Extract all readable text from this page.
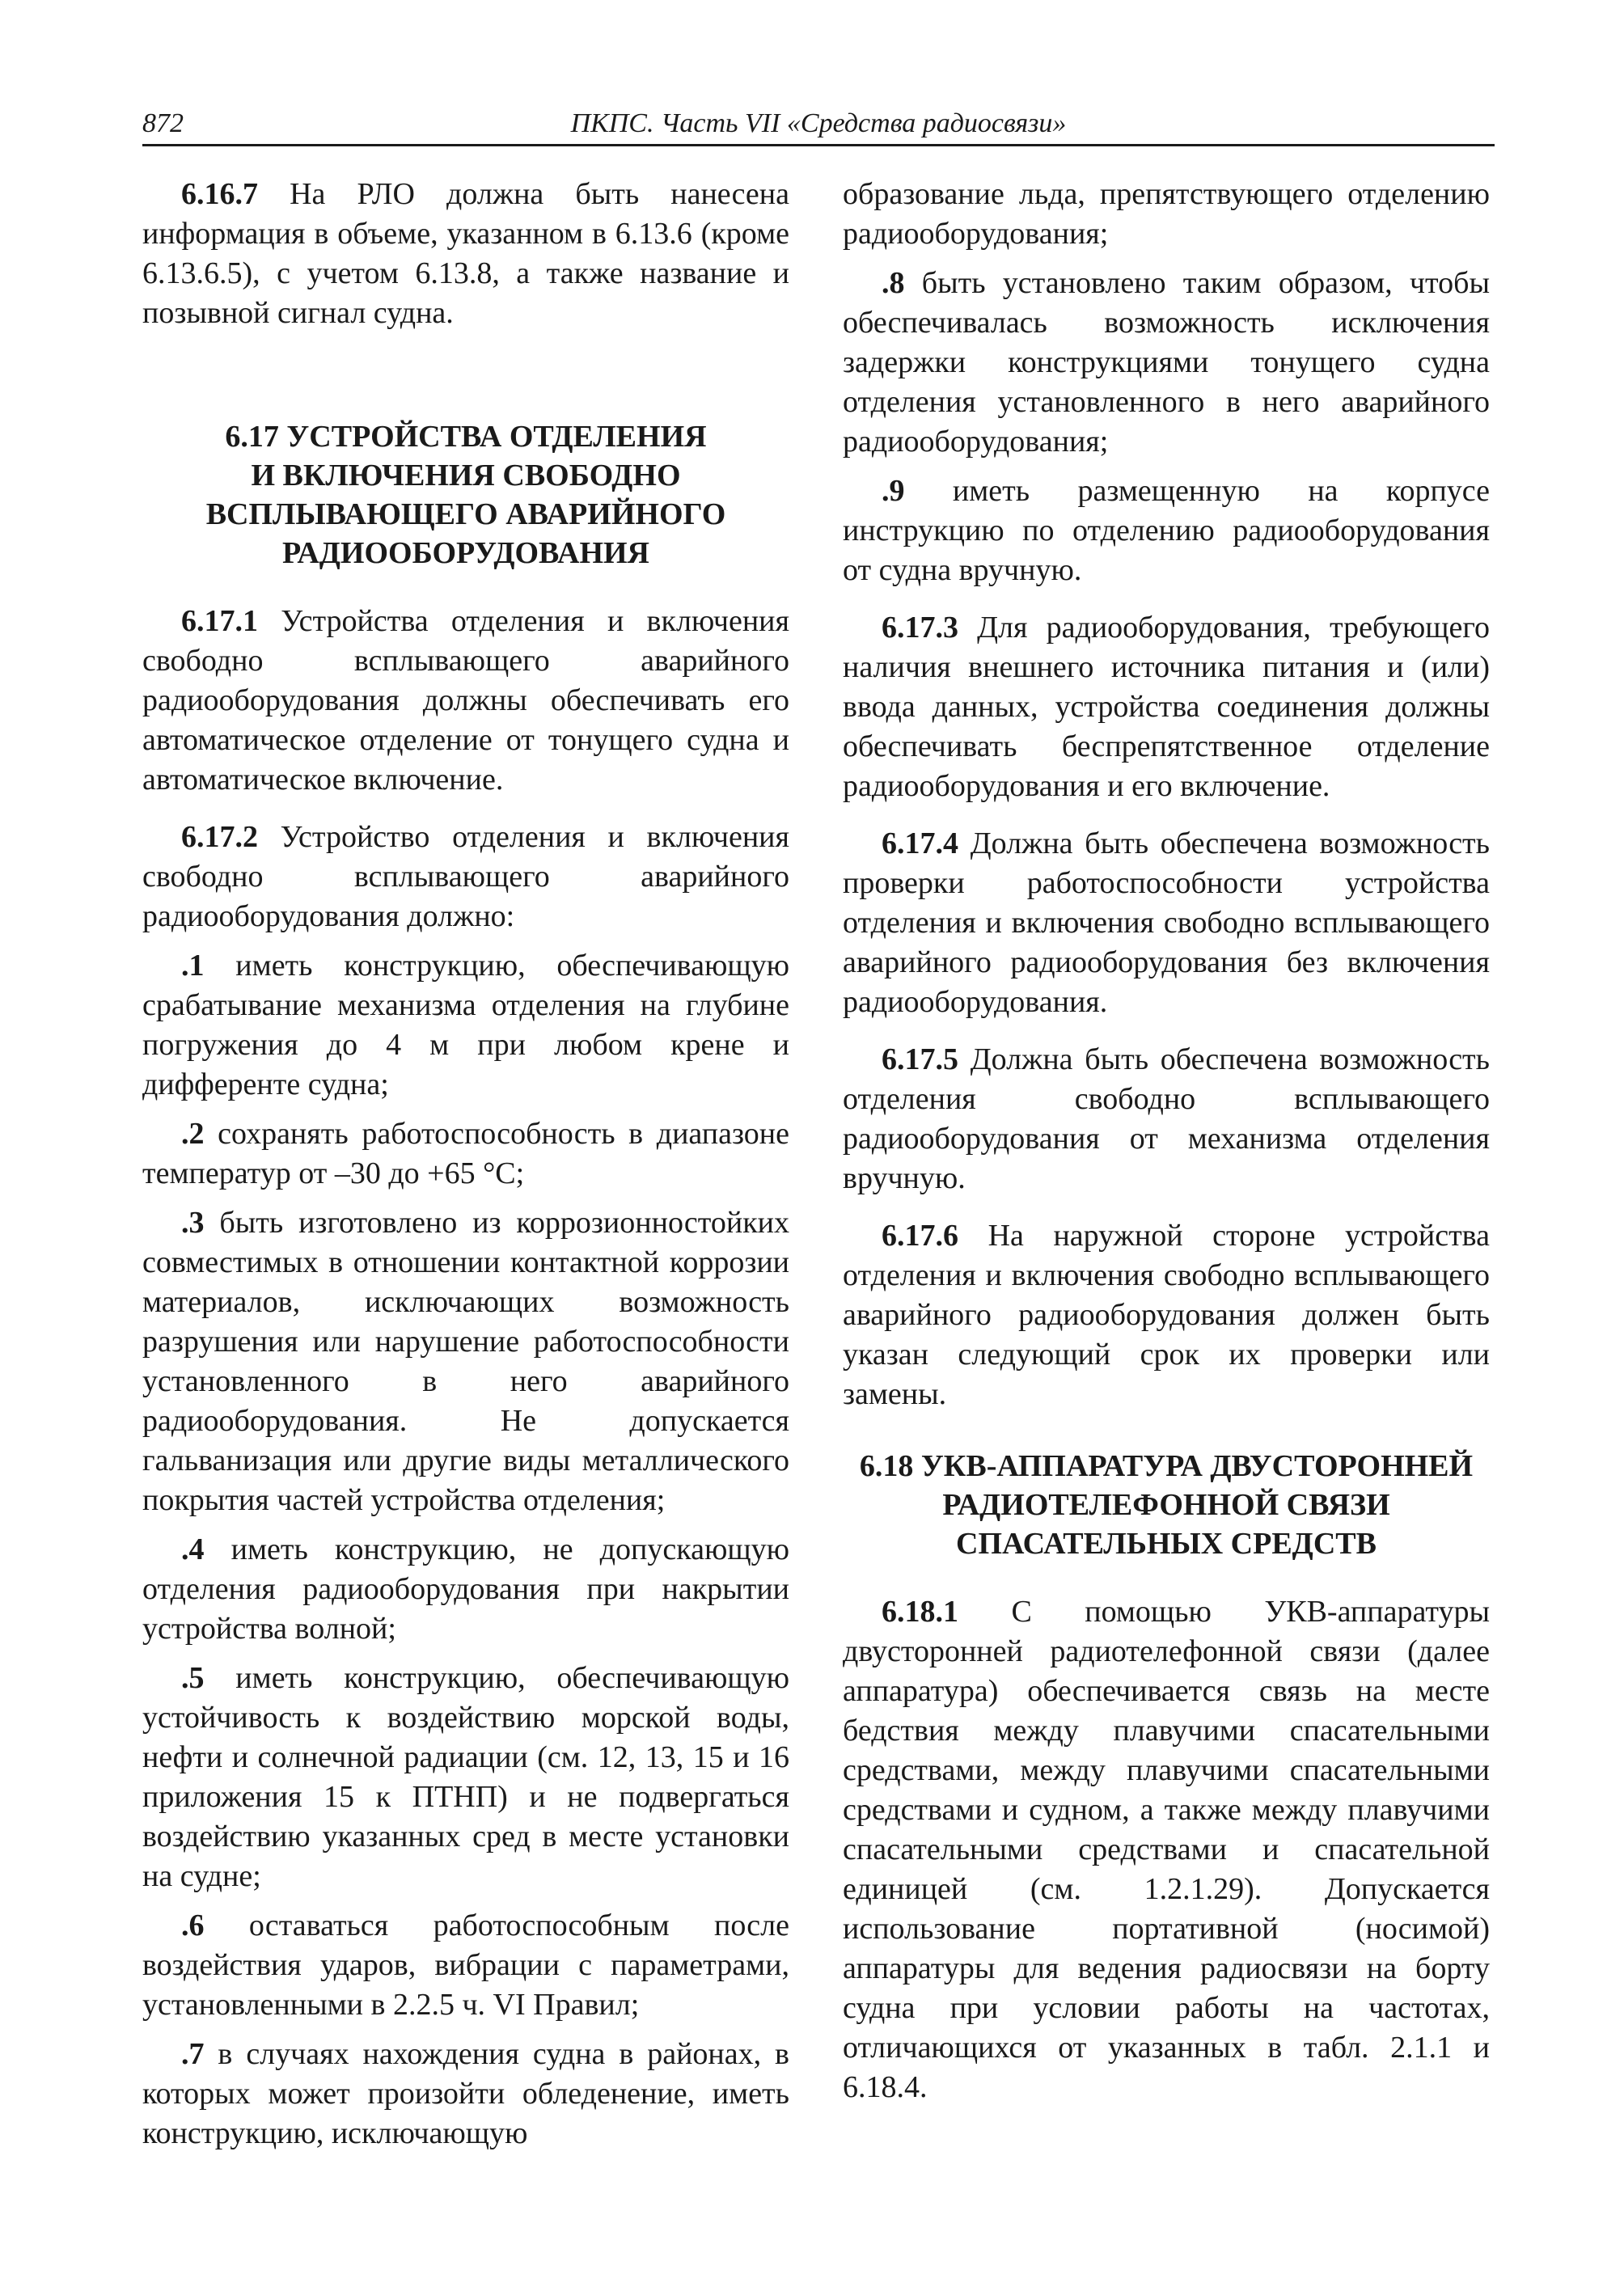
872	ПКПС. Часть VII «Средства радиосвязи»

6.16.7 На РЛО должна быть нанесена информация в объеме, указанном в 6.13.6 (кроме 6.13.6.5), с учетом 6.13.8, а также название и позывной сигнал судна.

6.17 УСТРОЙСТВА ОТДЕЛЕНИЯ
И ВКЛЮЧЕНИЯ СВОБОДНО
ВСПЛЫВАЮЩЕГО АВАРИЙНОГО
РАДИООБОРУДОВАНИЯ

6.17.1 Устройства отделения и включения свободно всплывающего аварийного радиооборудования должны обеспечивать его автоматическое отделение от тонущего судна и автоматическое включение.

6.17.2 Устройство отделения и включения свободно всплывающего аварийного радиооборудования должно:

.1 иметь конструкцию, обеспечивающую срабатывание механизма отделения на глубине погружения до 4 м при любом крене и дифференте судна;

.2 сохранять работоспособность в диапазоне температур от –30 до +65 °С;

.3 быть изготовлено из коррозионностойких совместимых в отношении контактной коррозии материалов, исключающих возможность разрушения или нарушение работоспособности установленного в него аварийного радиооборудования. Не допускается гальванизация или другие виды металлического покрытия частей устройства отделения;

.4 иметь конструкцию, не допускающую отделения радиооборудования при накрытии устройства волной;

.5 иметь конструкцию, обеспечивающую устойчивость к воздействию морской воды, нефти и солнечной радиации (см. 12, 13, 15 и 16 приложения 15 к ПТНП) и не подвергаться воздействию указанных сред в месте установки на судне;

.6 оставаться работоспособным после воздействия ударов, вибрации с параметрами, установленными в 2.2.5 ч. VI Правил;

.7 в случаях нахождения судна в районах, в которых может произойти обледенение, иметь конструкцию, исключающую

образование льда, препятствующего отделению радиооборудования;

.8 быть установлено таким образом, чтобы обеспечивалась возможность исключения задержки конструкциями тонущего судна отделения установленного в него аварийного радиооборудования;

.9 иметь размещенную на корпусе инструкцию по отделению радиооборудования от судна вручную.

6.17.3 Для радиооборудования, требующего наличия внешнего источника питания и (или) ввода данных, устройства соединения должны обеспечивать беспрепятственное отделение радиооборудования и его включение.

6.17.4 Должна быть обеспечена возможность проверки работоспособности устройства отделения и включения свободно всплывающего аварийного радиооборудования без включения радиооборудования.

6.17.5 Должна быть обеспечена возможность отделения свободно всплывающего радиооборудования от механизма отделения вручную.

6.17.6 На наружной стороне устройства отделения и включения свободно всплывающего аварийного радиооборудования должен быть указан следующий срок их проверки или замены.

6.18 УКВ-АППАРАТУРА ДВУСТОРОННЕЙ
РАДИОТЕЛЕФОННОЙ СВЯЗИ
СПАСАТЕЛЬНЫХ СРЕДСТВ

6.18.1 С помощью УКВ-аппаратуры двусторонней радиотелефонной связи (далее аппаратура) обеспечивается связь на месте бедствия между плавучими спасательными средствами, между плавучими спасательными средствами и судном, а также между плавучими спасательными средствами и спасательной единицей (см. 1.2.1.29). Допускается использование портативной (носимой) аппаратуры для ведения радиосвязи на борту судна при условии работы на частотах, отличающихся от указанных в табл. 2.1.1 и 6.18.4.
